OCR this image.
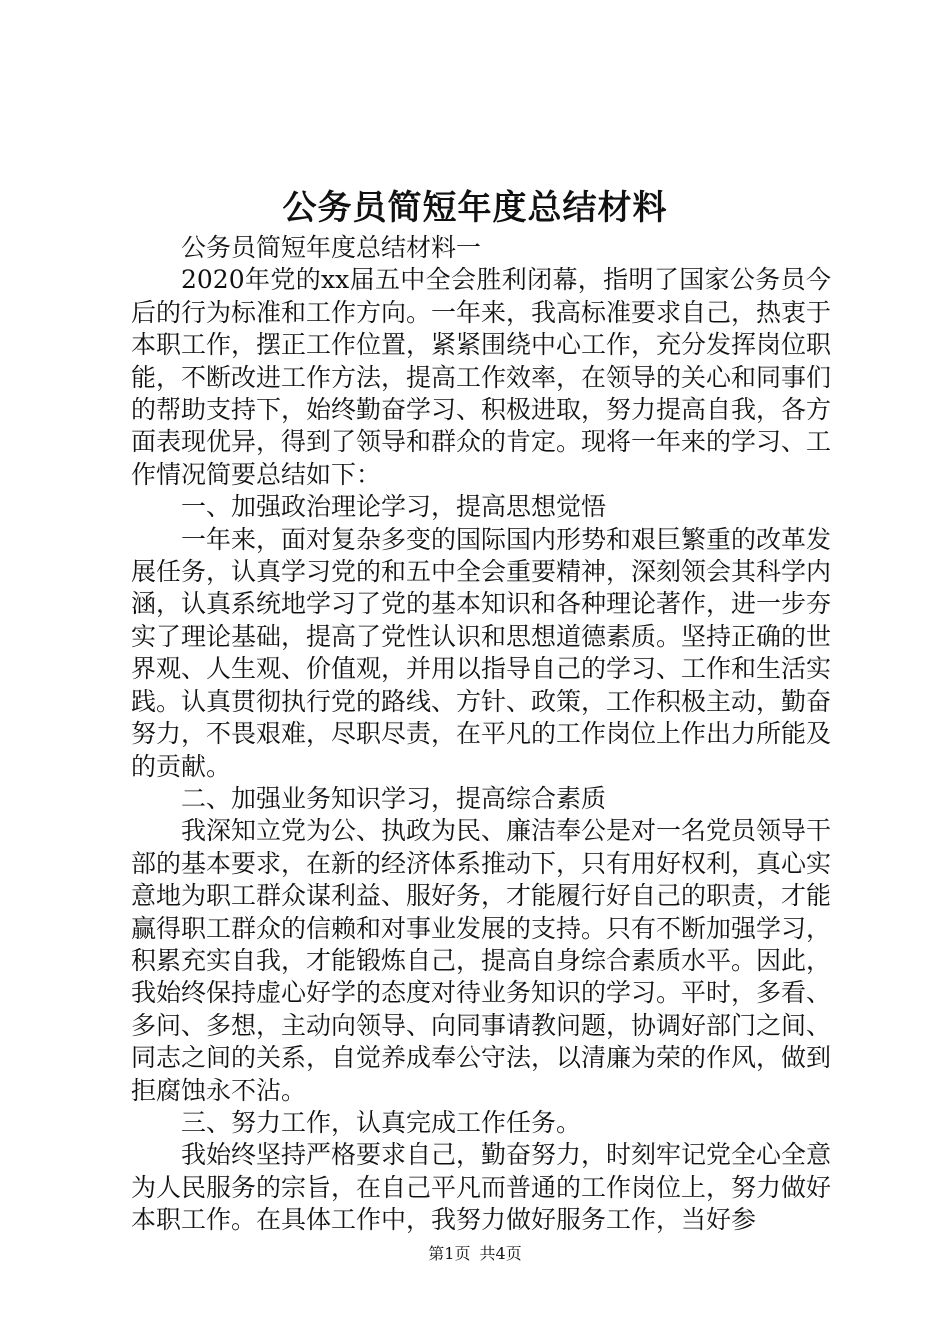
公务员简短年度总结材料

公务员简短年度总结材料一

2020年党的xx届五中全会胜利闭幕，指明了国家公务员今后的行为标准和工作方向。一年来，我高标准要求自己，热衷于本职工作，摆正工作位置，紧紧围绕中心工作，充分发挥岗位职能，不断改进工作方法，提高工作效率，在领导的关心和同事们的帮助支持下，始终勤奋学习、积极进取，努力提高自我，各方面表现优异，得到了领导和群众的肯定。现将一年来的学习、工作情况简要总结如下：

一、加强政治理论学习，提高思想觉悟

一年来，面对复杂多变的国际国内形势和艰巨繁重的改革发展任务，认真学习党的和五中全会重要精神，深刻领会其科学内涵，认真系统地学习了党的基本知识和各种理论著作，进一步夯实了理论基础，提高了党性认识和思想道德素质。坚持正确的世界观、人生观、价值观，并用以指导自己的学习、工作和生活实践。认真贯彻执行党的路线、方针、政策，工作积极主动，勤奋努力，不畏艰难，尽职尽责，在平凡的工作岗位上作出力所能及的贡献。

二、加强业务知识学习，提高综合素质

我深知立党为公、执政为民、廉洁奉公是对一名党员领导干部的基本要求，在新的经济体系推动下，只有用好权利，真心实意地为职工群众谋利益、服好务，才能履行好自己的职责，才能赢得职工群众的信赖和对事业发展的支持。只有不断加强学习，积累充实自我，才能锻炼自己，提高自身综合素质水平。因此，我始终保持虚心好学的态度对待业务知识的学习。平时，多看、多问、多想，主动向领导、向同事请教问题，协调好部门之间、同志之间的关系，自觉养成奉公守法，以清廉为荣的作风，做到拒腐蚀永不沾。

三、努力工作，认真完成工作任务。

我始终坚持严格要求自己，勤奋努力，时刻牢记党全心全意为人民服务的宗旨，在自己平凡而普通的工作岗位上，努力做好本职工作。在具体工作中，我努力做好服务工作，当好参

第1页 共4页
